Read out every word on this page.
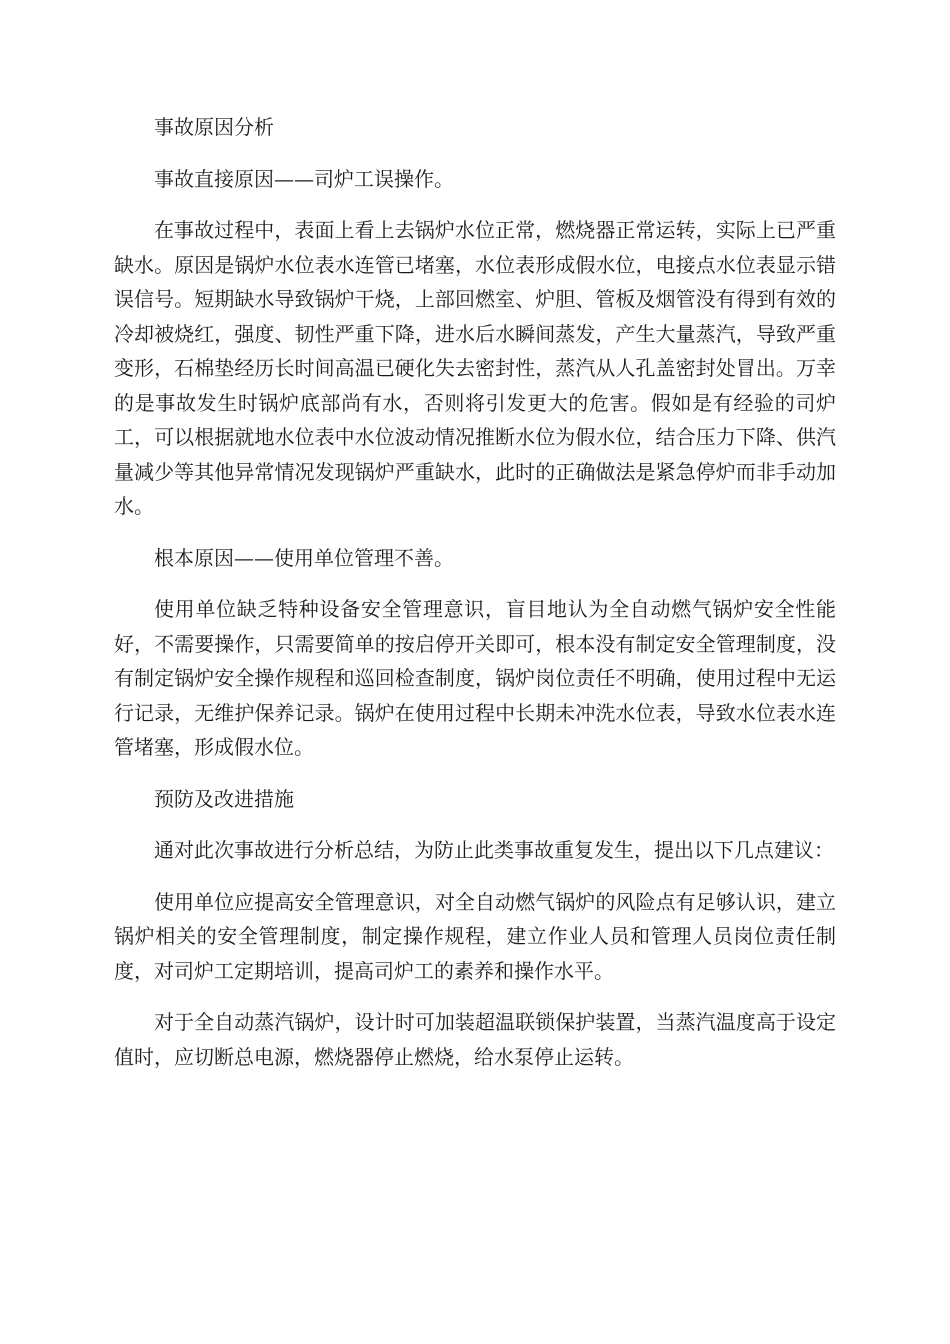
事故原因分析

事故直接原因——司炉工误操作。

在事故过程中，表面上看上去锅炉水位正常，燃烧器正常运转，实际上已严重缺水。原因是锅炉水位表水连管已堵塞，水位表形成假水位，电接点水位表显示错误信号。短期缺水导致锅炉干烧，上部回燃室、炉胆、管板及烟管没有得到有效的冷却被烧红，强度、韧性严重下降，进水后水瞬间蒸发，产生大量蒸汽，导致严重变形，石棉垫经历长时间高温已硬化失去密封性，蒸汽从人孔盖密封处冒出。万幸的是事故发生时锅炉底部尚有水，否则将引发更大的危害。假如是有经验的司炉工，可以根据就地水位表中水位波动情况推断水位为假水位，结合压力下降、供汽量减少等其他异常情况发现锅炉严重缺水，此时的正确做法是紧急停炉而非手动加水。

根本原因——使用单位管理不善。

使用单位缺乏特种设备安全管理意识，盲目地认为全自动燃气锅炉安全性能好，不需要操作，只需要简单的按启停开关即可，根本没有制定安全管理制度，没有制定锅炉安全操作规程和巡回检查制度，锅炉岗位责任不明确，使用过程中无运行记录，无维护保养记录。锅炉在使用过程中长期未冲洗水位表，导致水位表水连管堵塞，形成假水位。

预防及改进措施

通对此次事故进行分析总结，为防止此类事故重复发生，提出以下几点建议：

使用单位应提高安全管理意识，对全自动燃气锅炉的风险点有足够认识，建立锅炉相关的安全管理制度，制定操作规程，建立作业人员和管理人员岗位责任制度，对司炉工定期培训，提高司炉工的素养和操作水平。

对于全自动蒸汽锅炉，设计时可加装超温联锁保护装置，当蒸汽温度高于设定值时，应切断总电源，燃烧器停止燃烧，给水泵停止运转。
